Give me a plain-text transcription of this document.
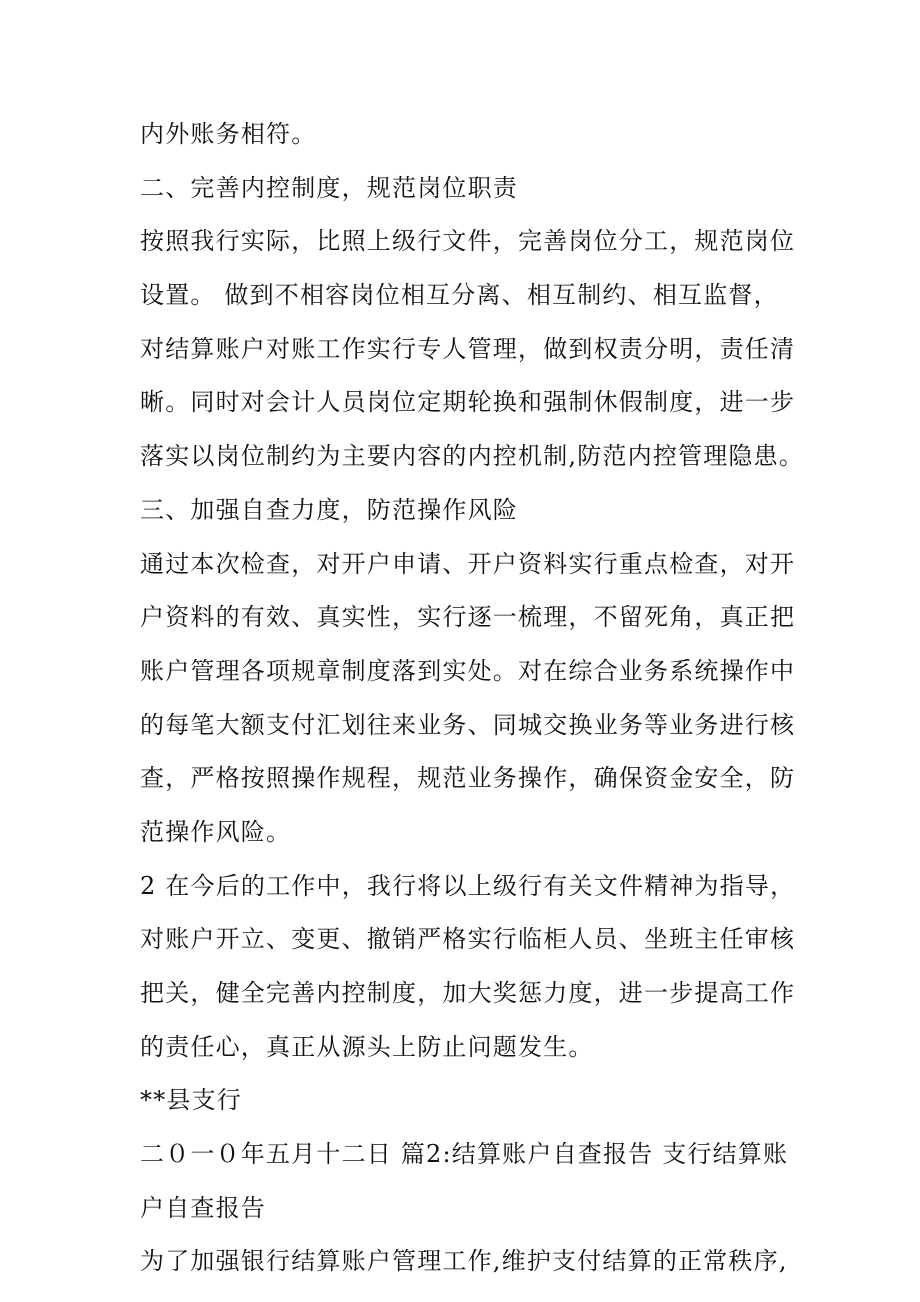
内外账务相符。
二、完善内控制度，规范岗位职责
按照我行实际，比照上级行文件，完善岗位分工，规范岗位
设置。 做到不相容岗位相互分离、相互制约、相互监督，
对结算账户对账工作实行专人管理，做到权责分明，责任清
晰。同时对会计人员岗位定期轮换和强制休假制度，进一步
落实以岗位制约为主要内容的内控机制,防范内控管理隐患。
三、加强自查力度，防范操作风险
通过本次检查，对开户申请、开户资料实行重点检查，对开
户资料的有效、真实性，实行逐一梳理，不留死角，真正把
账户管理各项规章制度落到实处。对在综合业务系统操作中
的每笔大额支付汇划往来业务、同城交换业务等业务进行核
查，严格按照操作规程，规范业务操作，确保资金安全，防
范操作风险。
2 在今后的工作中，我行将以上级行有关文件精神为指导，
对账户开立、变更、撤销严格实行临柜人员、坐班主任审核
把关，健全完善内控制度，加大奖惩力度，进一步提高工作
的责任心，真正从源头上防止问题发生。
**县支行
二０一０年五月十二日 篇2:结算账户自查报告 支行结算账
户自查报告
为了加强银行结算账户管理工作,维护支付结算的正常秩序,
